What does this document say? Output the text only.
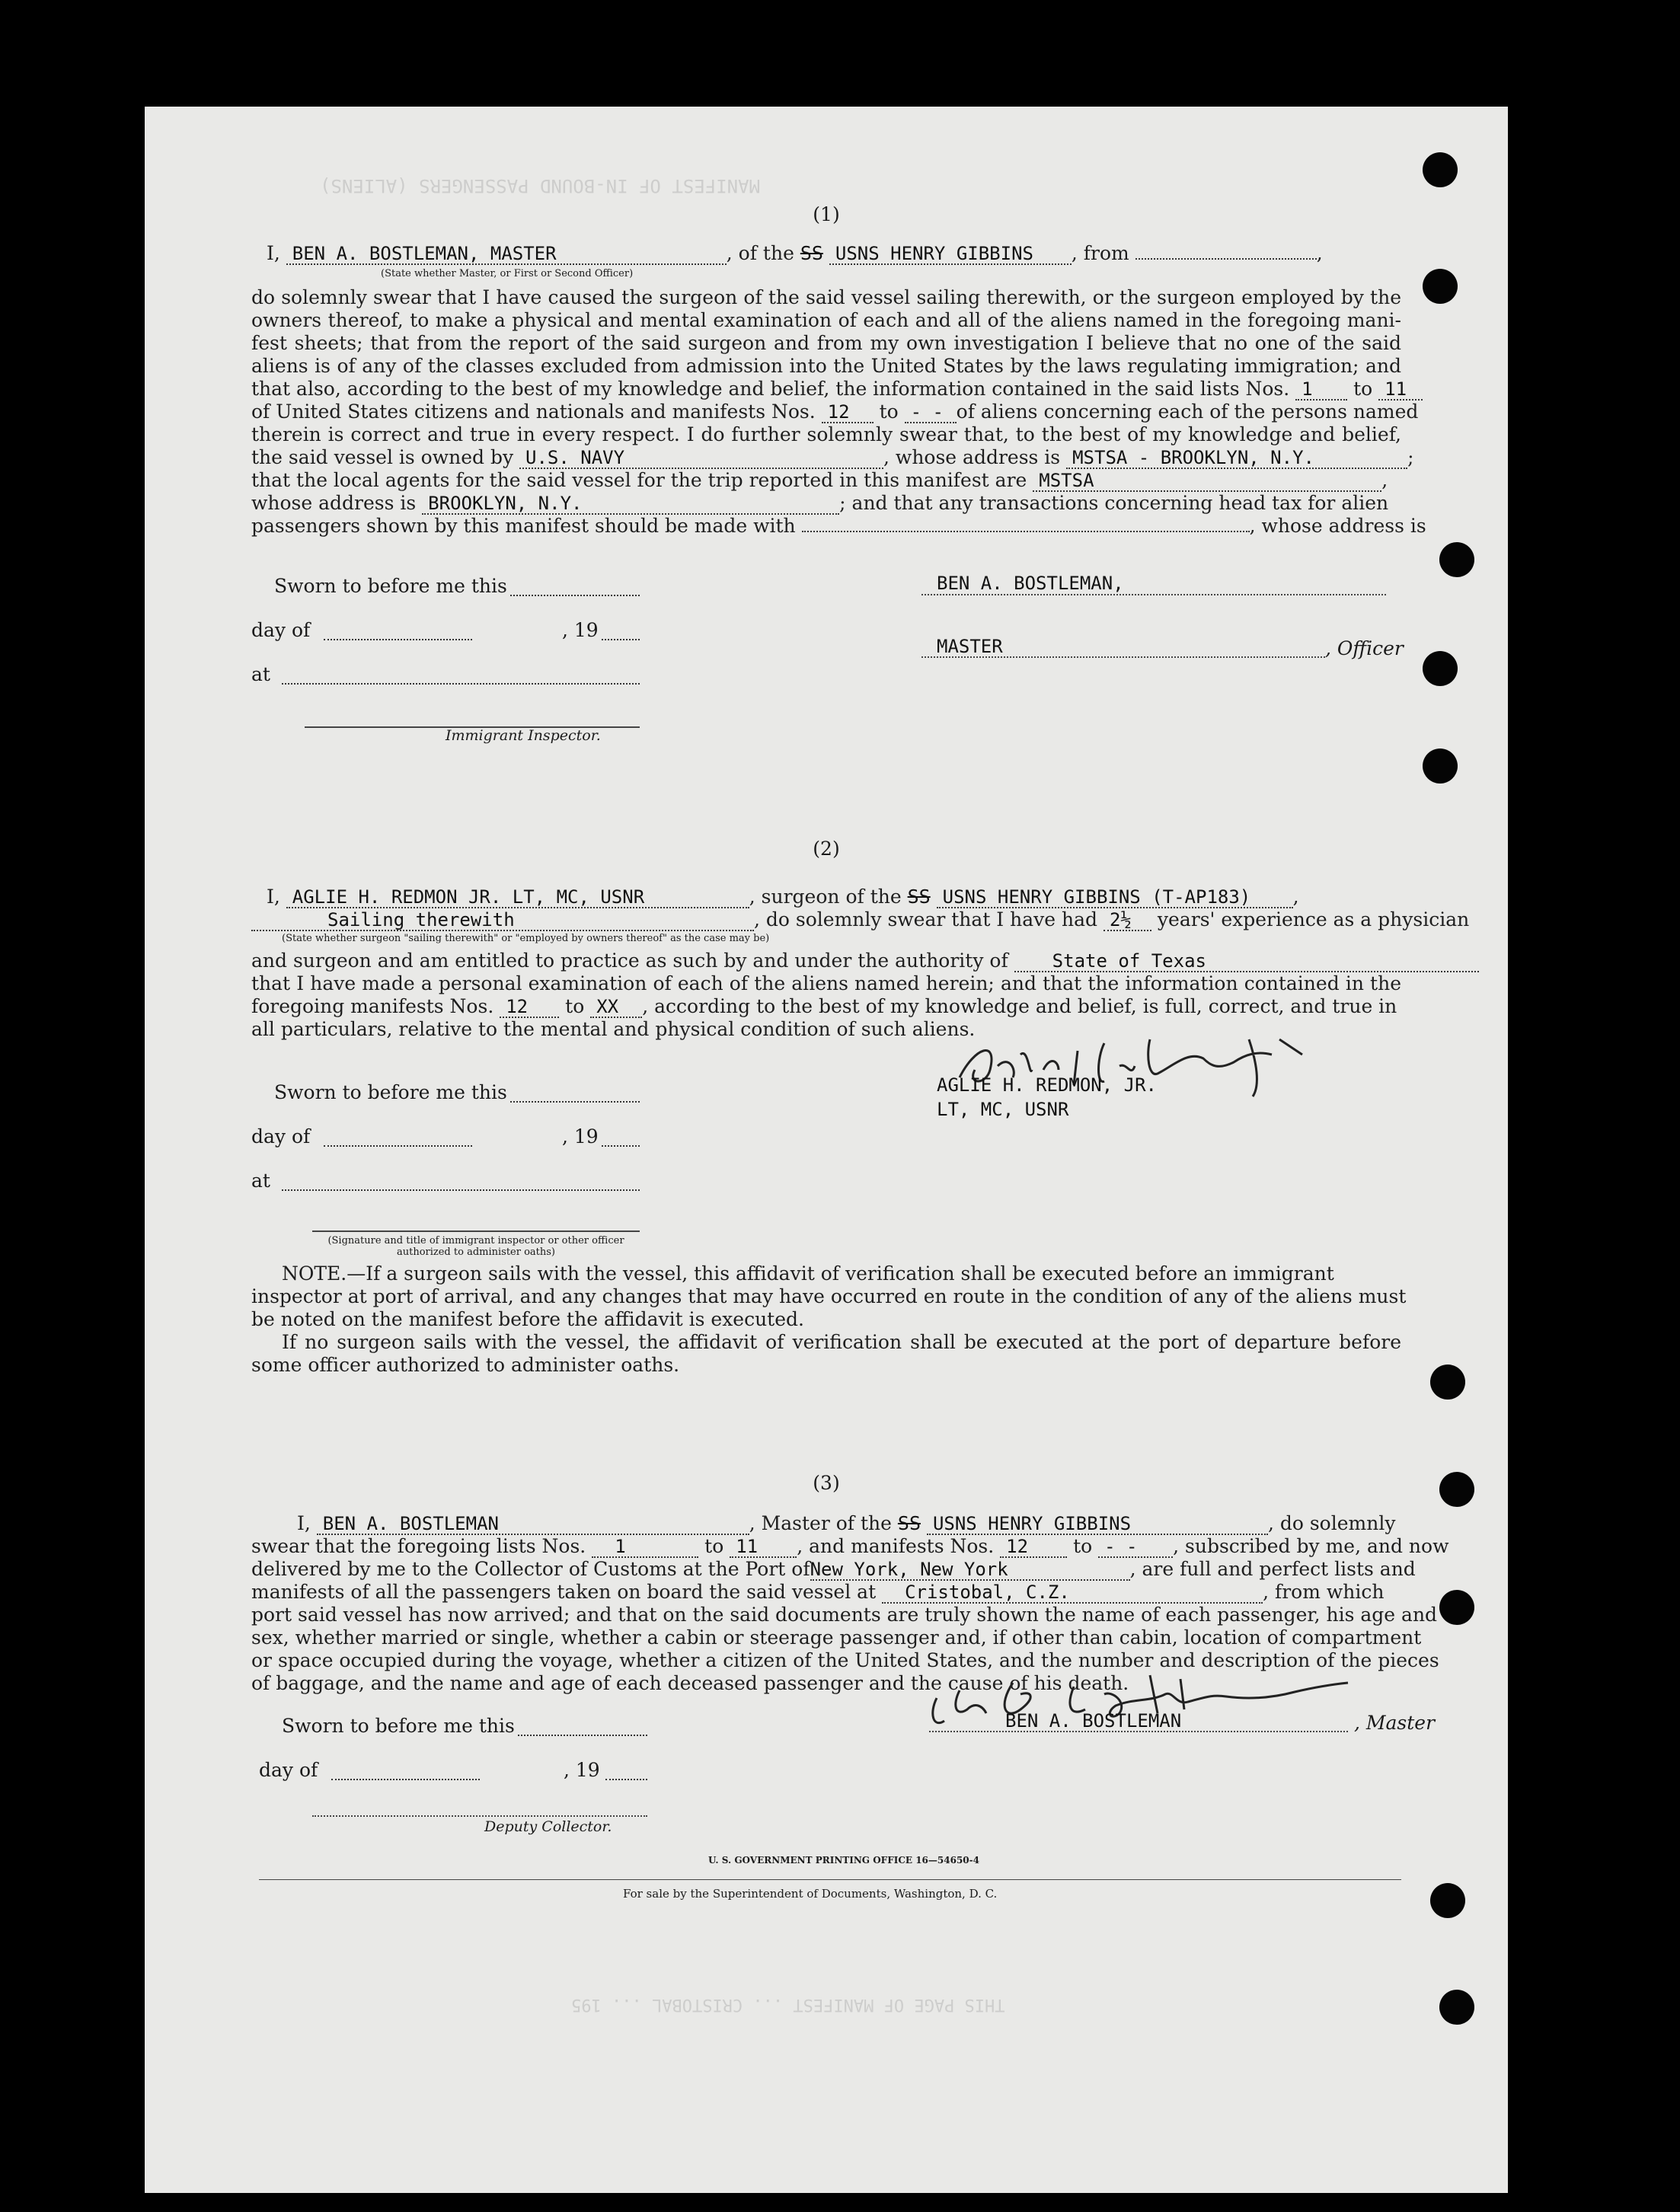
MANIFEST OF IN-BOUND PASSENGERS (ALIENS)
THIS PAGE OF MANIFEST ... CRISTOBAL ... 195
(1)
I, BEN A. BOSTLEMAN, MASTER	, of the SS USNS HENRY GIBBINS , from	,
(State whether Master, or First or Second Officer)
do solemnly swear that I have caused the surgeon of the said vessel sailing therewith, or the surgeon employed by the
owners thereof, to make a physical and mental examination of each and all of the aliens named in the foregoing mani-
fest sheets; that from the report of the said surgeon and from my own investigation I believe that no one of the said
aliens is of any of the classes excluded from admission into the United States by the laws regulating immigration; and
that also, according to the best of my knowledge and belief, the information contained in the said lists Nos. 1 to 11
of United States citizens and nationals and manifests Nos. 12 to - - of aliens concerning each of the persons named
therein is correct and true in every respect. I do further solemnly swear that, to the best of my knowledge and belief,
the said vessel is owned by U.S. NAVY	, whose address is MSTSA - BROOKLYN, N.Y.	;
that the local agents for the said vessel for the trip reported in this manifest are MSTSA	,
whose address is BROOKLYN, N.Y.	; and that any transactions concerning head tax for alien
passengers shown by this manifest should be made with	, whose address is
Sworn to before me this
day of	, 19
at
Immigrant Inspector.
BEN A. BOSTLEMAN,
MASTER	, Officer
(2)
I, AGLIE H. REDMON JR. LT, MC, USNR	, surgeon of the SS USNS HENRY GIBBINS (T-AP183) ,
Sailing therewith	, do solemnly swear that I have had 2½ years' experience as a physician
(State whether surgeon "sailing therewith" or "employed by owners thereof" as the case may be)
and surgeon and am entitled to practice as such by and under the authority of State of Texas
that I have made a personal examination of each of the aliens named herein; and that the information contained in the
foregoing manifests Nos. 12 to XX , according to the best of my knowledge and belief, is full, correct, and true in
all particulars, relative to the mental and physical condition of such aliens.
AGLIE H. REDMON, JR.
LT, MC, USNR
Sworn to before me this
day of	, 19
at
(Signature and title of immigrant inspector or other officer authorized to administer oaths)
NOTE.—If a surgeon sails with the vessel, this affidavit of verification shall be executed before an immigrant
inspector at port of arrival, and any changes that may have occurred en route in the condition of any of the aliens must
be noted on the manifest before the affidavit is executed.
If no surgeon sails with the vessel, the affidavit of verification shall be executed at the port of departure before
some officer authorized to administer oaths.
(3)
I, BEN A. BOSTLEMAN	, Master of the SS USNS HENRY GIBBINS	, do solemnly
swear that the foregoing lists Nos. 1	to 11 , and manifests Nos. 12 to - - , subscribed by me, and now
delivered by me to the Collector of Customs at the Port ofNew York, New York	, are full and perfect lists and
manifests of all the passengers taken on board the said vessel at Cristobal, C.Z.	, from which
port said vessel has now arrived; and that on the said documents are truly shown the name of each passenger, his age and
sex, whether married or single, whether a cabin or steerage passenger and, if other than cabin, location of compartment
or space occupied during the voyage, whether a citizen of the United States, and the number and description of the pieces
of baggage, and the name and age of each deceased passenger and the cause of his death.
BEN A. BOSTLEMAN	, Master
Sworn to before me this
day of	, 19
Deputy Collector.
U. S. GOVERNMENT PRINTING OFFICE 16—54650-4
For sale by the Superintendent of Documents, Washington, D. C.
